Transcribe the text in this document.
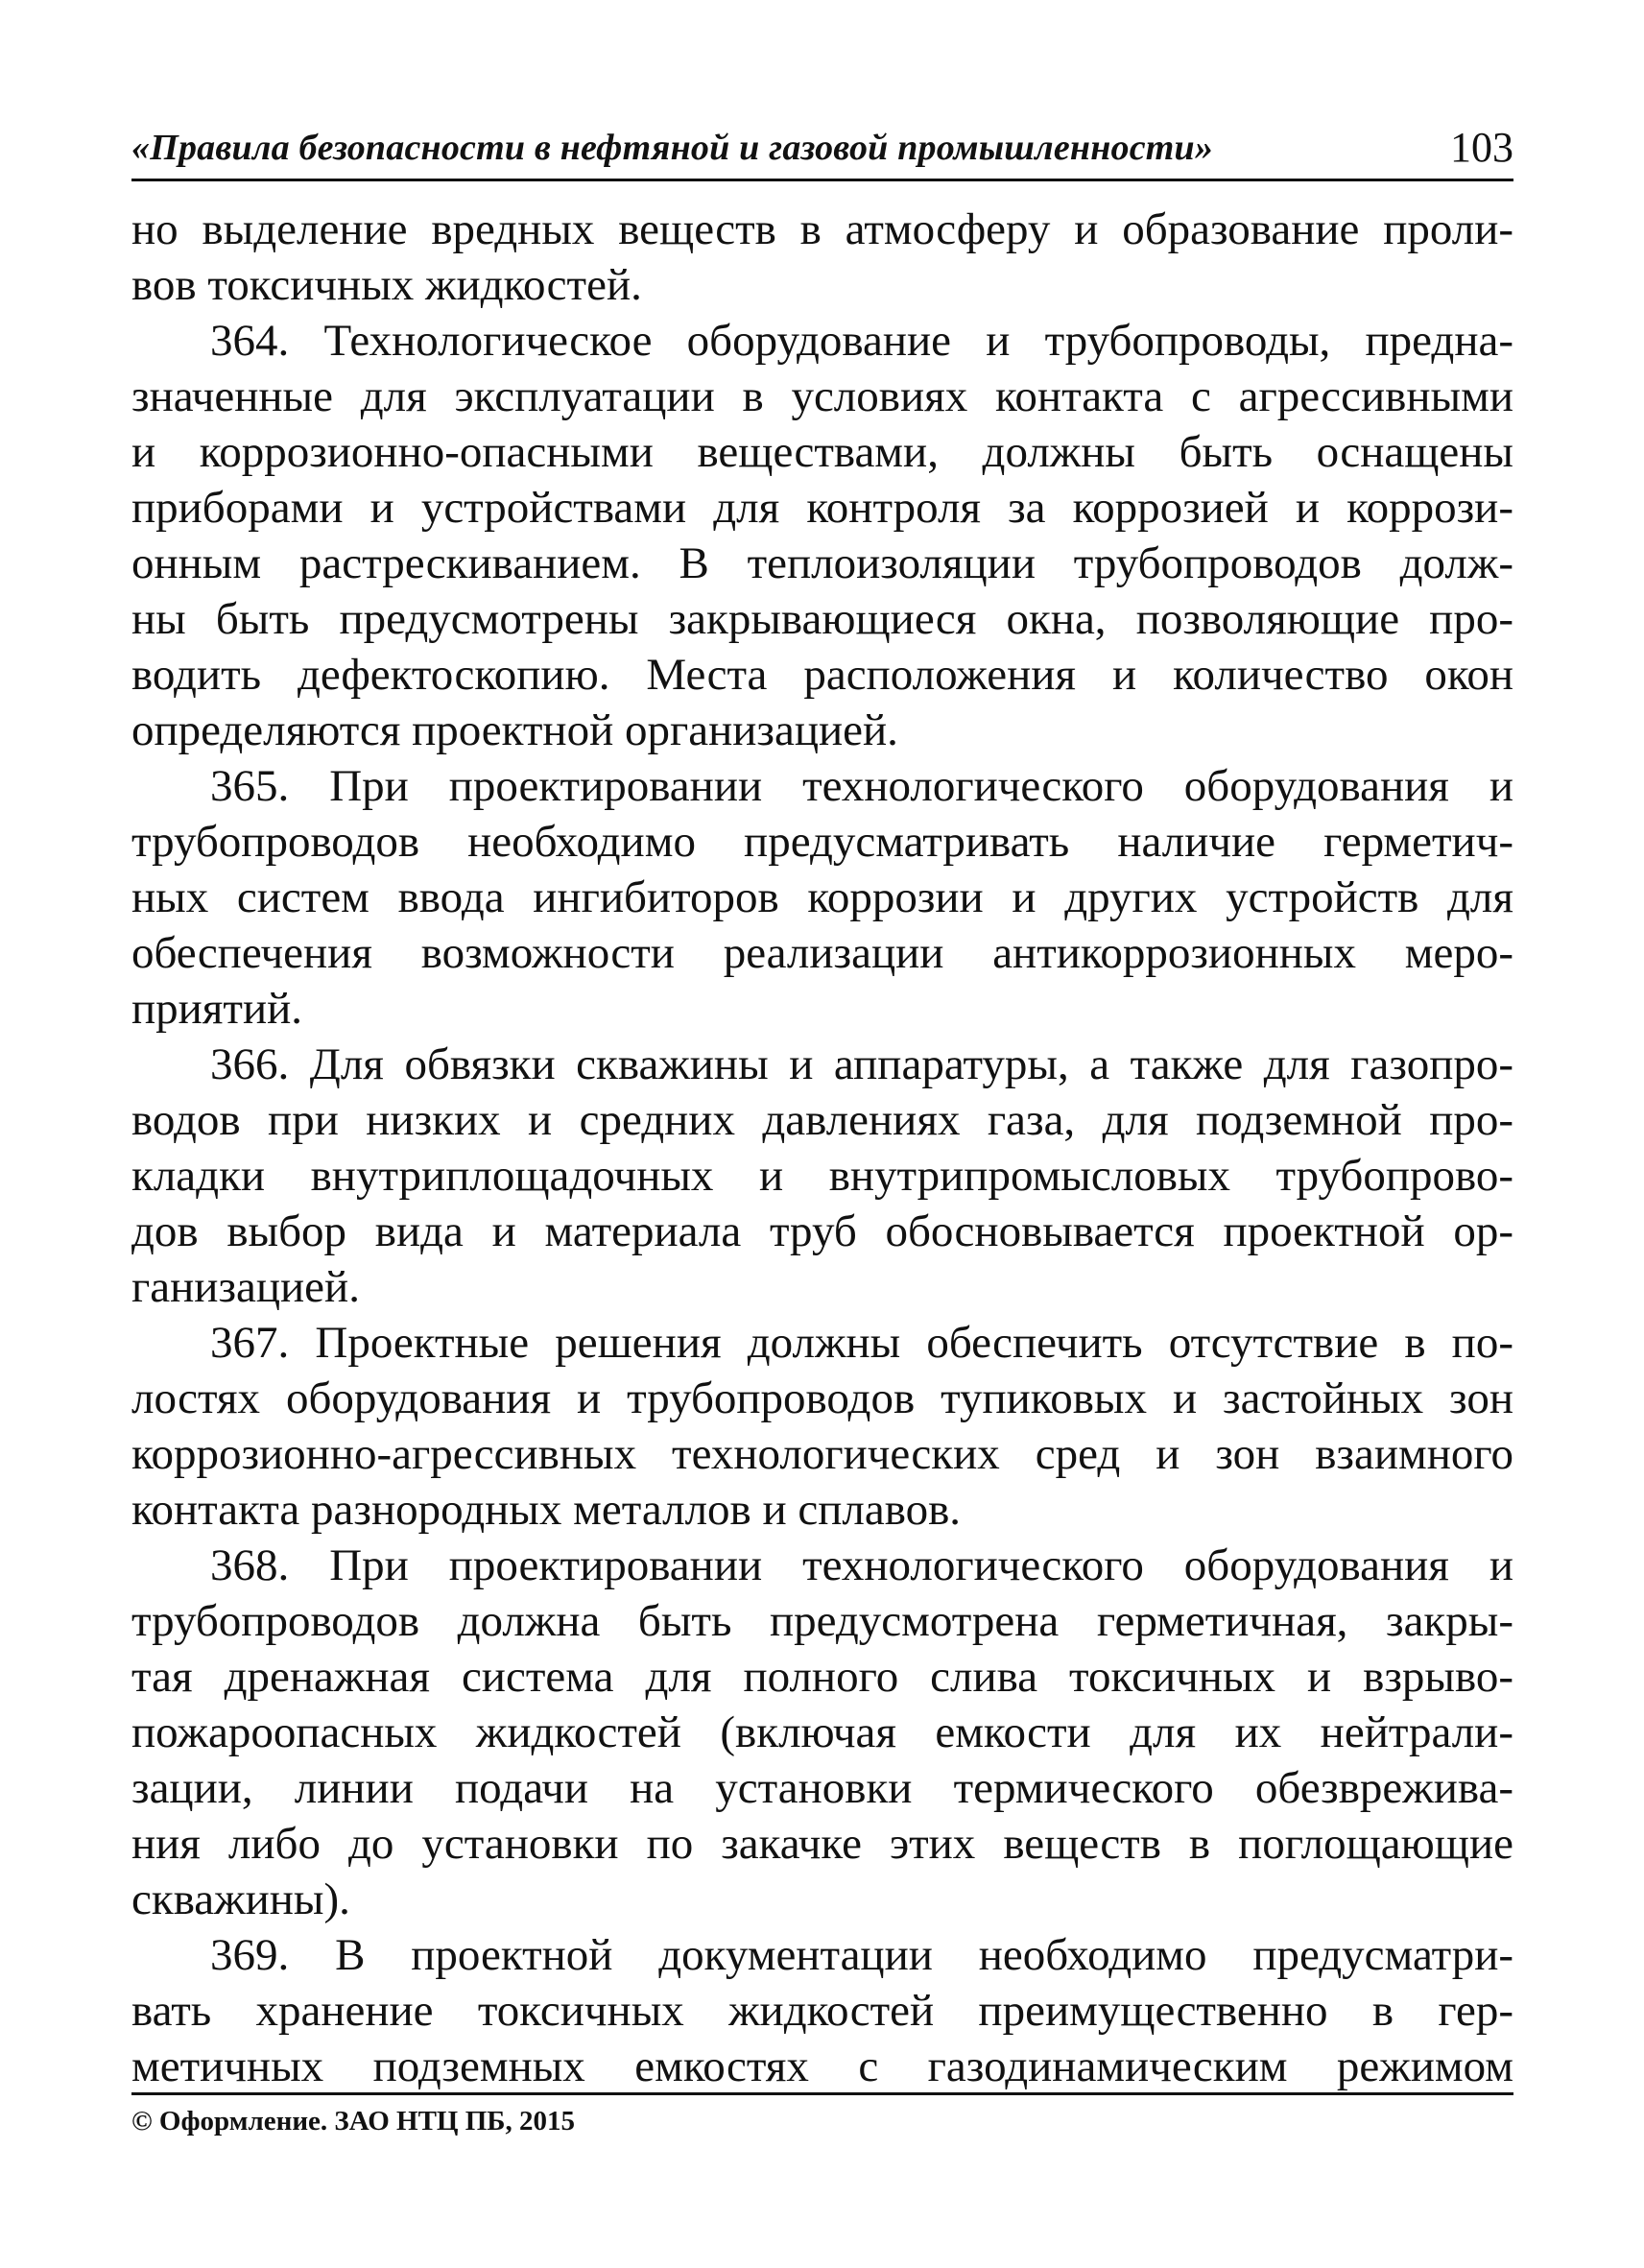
«Правила безопасности в нефтяной и газовой промышленности»	103
но выделение вредных веществ в атмосферу и образование проли-
вов токсичных жидкостей.
364. Технологическое оборудование и трубопроводы, предна-
значенные для эксплуатации в условиях контакта с агрессивными
и коррозионно-опасными веществами, должны быть оснащены
приборами и устройствами для контроля за коррозией и коррози-
онным растрескиванием. В теплоизоляции трубопроводов долж-
ны быть предусмотрены закрывающиеся окна, позволяющие про-
водить дефектоскопию. Места расположения и количество окон
определяются проектной организацией.
365. При проектировании технологического оборудования и
трубопроводов необходимо предусматривать наличие герметич-
ных систем ввода ингибиторов коррозии и других устройств для
обеспечения возможности реализации антикоррозионных меро-
приятий.
366. Для обвязки скважины и аппаратуры, а также для газопро-
водов при низких и средних давлениях газа, для подземной про-
кладки внутриплощадочных и внутрипромысловых трубопрово-
дов выбор вида и материала труб обосновывается проектной ор-
ганизацией.
367. Проектные решения должны обеспечить отсутствие в по-
лостях оборудования и трубопроводов тупиковых и застойных зон
коррозионно-агрессивных технологических сред и зон взаимного
контакта разнородных металлов и сплавов.
368. При проектировании технологического оборудования и
трубопроводов должна быть предусмотрена герметичная, закры-
тая дренажная система для полного слива токсичных и взрыво-
пожароопасных жидкостей (включая емкости для их нейтрали-
зации, линии подачи на установки термического обезврежива-
ния либо до установки по закачке этих веществ в поглощающие
скважины).
369. В проектной документации необходимо предусматри-
вать хранение токсичных жидкостей преимущественно в гер-
метичных подземных емкостях с газодинамическим режимом
© Оформление. ЗАО НТЦ ПБ, 2015
